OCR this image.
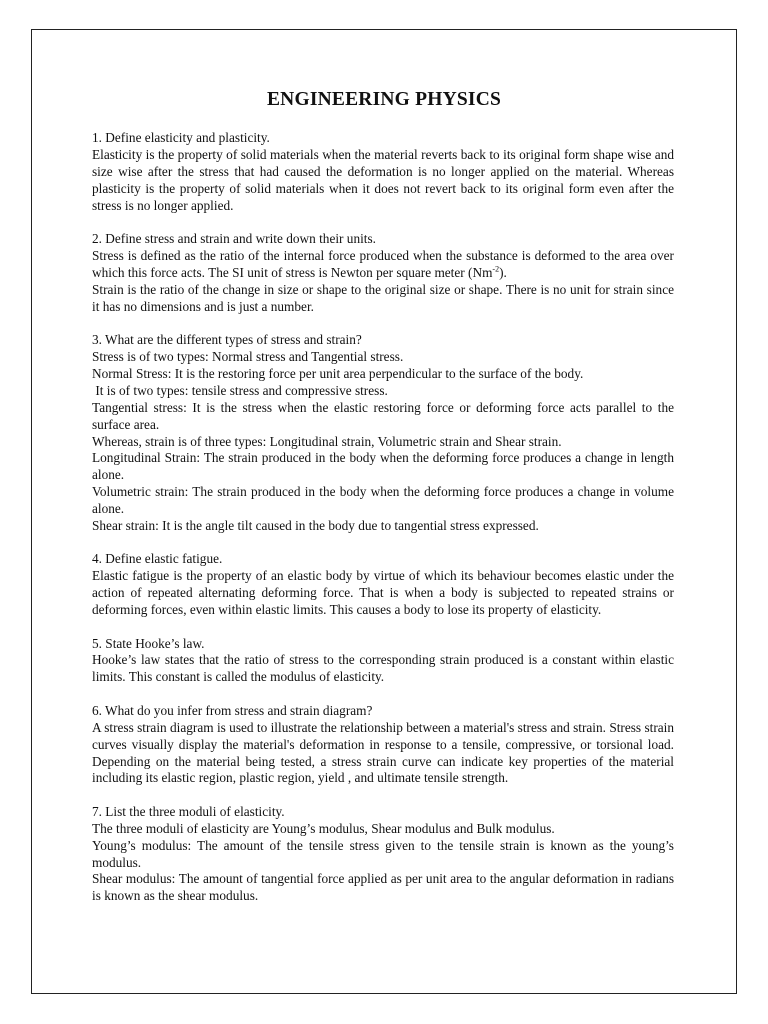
ENGINEERING PHYSICS

1. Define elasticity and plasticity.

Elasticity is the property of solid materials when the material reverts back to its original form shape wise and size wise after the stress that had caused the deformation is no longer applied on the material. Whereas plasticity is the property of solid materials when it does not revert back to its original form even after the stress is no longer applied.

2. Define stress and strain and write down their units.

Stress is defined as the ratio of the internal force produced when the substance is deformed to the area over which this force acts. The SI unit of stress is Newton per square meter $(Nm^{-2})$.

Strain is the ratio of the change in size or shape to the original size or shape. There is no unit for strain since it has no dimensions and is just a number.

3. What are the different types of stress and strain?

Stress is of two types: Normal stress and Tangential stress.

Normal Stress: It is the restoring force per unit area perpendicular to the surface of the body.

It is of two types: tensile stress and compressive stress.

Tangential stress: It is the stress when the elastic restoring force or deforming force acts parallel to the surface area.

Whereas, strain is of three types: Longitudinal strain, Volumetric strain and Shear strain.

Longitudinal Strain: The strain produced in the body when the deforming force produces a change in length alone.

Volumetric strain: The strain produced in the body when the deforming force produces a change in volume alone.

Shear strain: It is the angle tilt caused in the body due to tangential stress expressed.

4. Define elastic fatigue.

Elastic fatigue is the property of an elastic body by virtue of which its behaviour becomes elastic under the action of repeated alternating deforming force. That is when a body is subjected to repeated strains or deforming forces, even within elastic limits. This causes a body to lose its property of elasticity.

5. State Hooke’s law.

Hooke’s law states that the ratio of stress to the corresponding strain produced is a constant within elastic limits. This constant is called the modulus of elasticity.

6. What do you infer from stress and strain diagram?

A stress strain diagram is used to illustrate the relationship between a material's stress and strain. Stress strain curves visually display the material's deformation in response to a tensile, compressive, or torsional load. Depending on the material being tested, a stress strain curve can indicate key properties of the material including its elastic region, plastic region, yield , and ultimate tensile strength.

7. List the three moduli of elasticity.

The three moduli of elasticity are Young’s modulus, Shear modulus and Bulk modulus.

Young’s modulus: The amount of the tensile stress given to the tensile strain is known as the young’s modulus.

Shear modulus: The amount of tangential force applied as per unit area to the angular deformation in radians is known as the shear modulus.
